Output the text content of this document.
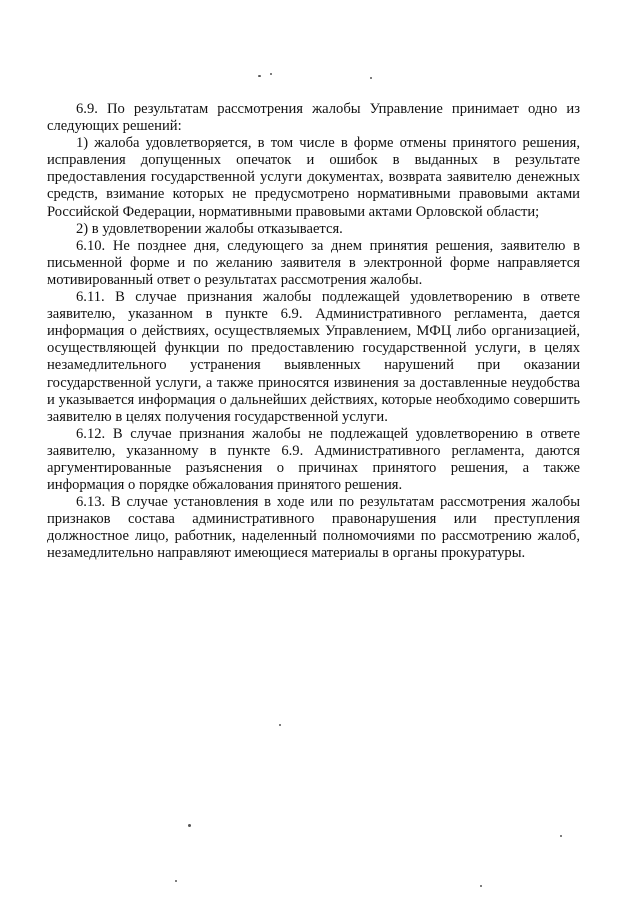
6.9. По результатам рассмотрения жалобы Управление принимает одно из следующих решений:

1) жалоба удовлетворяется, в том числе в форме отмены принятого решения, исправления допущенных опечаток и ошибок в выданных в результате предоставления государственной услуги документах, возврата заявителю денежных средств, взимание которых не предусмотрено нормативными правовыми актами Российской Федерации, нормативными правовыми актами Орловской области;

2) в удовлетворении жалобы отказывается.

6.10. Не позднее дня, следующего за днем принятия решения, заявителю в письменной форме и по желанию заявителя в электронной форме направляется мотивированный ответ о результатах рассмотрения жалобы.

6.11. В случае признания жалобы подлежащей удовлетворению в ответе заявителю, указанном в пункте 6.9. Административного регламента, дается информация о действиях, осуществляемых Управлением, МФЦ либо организацией, осуществляющей функции по предоставлению государственной услуги, в целях незамедлительного устранения выявленных нарушений при оказании государственной услуги, а также приносятся извинения за доставленные неудобства и указывается информация о дальнейших действиях, которые необходимо совершить заявителю в целях получения государственной услуги.

6.12. В случае признания жалобы не подлежащей удовлетворению в ответе заявителю, указанному в пункте 6.9. Административного регламента, даются аргументированные разъяснения о причинах принятого решения, а также информация о порядке обжалования принятого решения.

6.13. В случае установления в ходе или по результатам рассмотрения жалобы признаков состава административного правонарушения или преступления должностное лицо, работник, наделенный полномочиями по рассмотрению жалоб, незамедлительно направляют имеющиеся материалы в органы прокуратуры.
